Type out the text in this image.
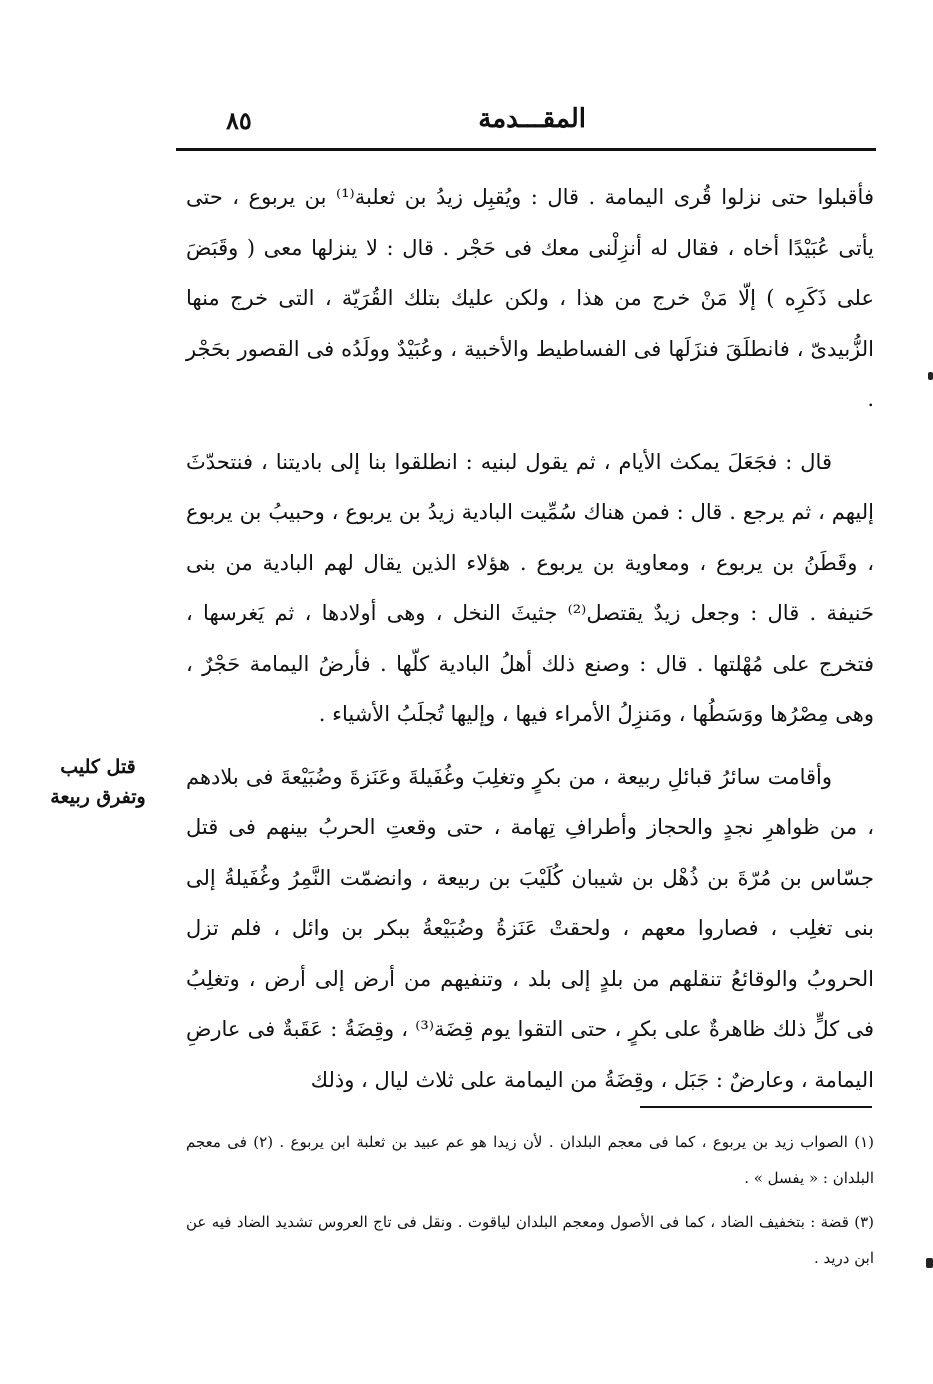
المقـــدمة
٨٥

فأقبلوا حتى نزلوا قُرى اليمامة . قال : ويُقبِل زيدُ بن ثعلبة⁽¹⁾ بن يربوع ، حتى يأتى عُبَيْدًا أخاه ، فقال له أنزِلْنى معك فى حَجْر . قال : لا ينزلها معى ( وقَبَضَ على ذَكَرِه ) إلّا مَنْ خرج من هذا ، ولكن عليك بتلك القُرَيّة ، التى خرج منها الزُّبيدىّ ، فانطلَقَ فنزَلَها فى الفساطيط والأخبية ، وعُبَيْدٌ وولَدُه فى القصور بحَجْر .

قال : فجَعَلَ يمكث الأيام ، ثم يقول لبنيه : انطلقوا بنا إلى باديتنا ، فنتحدّثَ إليهم ، ثم يرجع . قال : فمن هناك سُمِّيت البادية زيدُ بن يربوع ، وحبيبُ بن يربوع ، وقَطَنُ بن يربوع ، ومعاوية بن يربوع . هؤلاء الذين يقال لهم البادية من بنى حَنيفة . قال : وجعل زيدٌ يقتصل⁽²⁾ جثيثَ النخل ، وهى أولادها ، ثم يَغرسها ، فتخرج على مُهْلتها . قال : وصنع ذلك أهلُ البادية كلّها . فأرضُ اليمامة حَجْرٌ ، وهى مِصْرُها ووَسَطُها ، ومَنزِلُ الأمراء فيها ، وإليها تُجلَبُ الأشياء .

وأقامت سائرُ قبائلِ ربيعة ، من بكرٍ وتغلِبَ وغُفَيلةَ وعَنَزةَ وضُبَيْعةَ فى بلادهم ، من ظواهرِ نجدٍ والحجاز وأطرافِ تِهامة ، حتى وقعتِ الحربُ بينهم فى قتل جسّاس بن مُرّةَ بن ذُهْل بن شيبان كُلَيْبَ بن ربيعة ، وانضمّت النَّمِرُ وغُفَيلةُ إلى بنى تغلِب ، فصاروا معهم ، ولحقتْ عَنَزةُ وضُبَيْعةُ ببكر بن وائل ، فلم تزل الحروبُ والوقائعُ تنقلهم من بلدٍ إلى بلد ، وتنفيهم من أرض إلى أرض ، وتغلِبُ فى كلٍّ ذلك ظاهرةٌ على بكرٍ ، حتى التقوا يوم قِضَة⁽³⁾ ، وقِضَةُ : عَقَبةٌ فى عارضِ اليمامة ، وعارضٌ : جَبَل ، وقِضَةُ من اليمامة على ثلاث ليال ، وذلك

قتل كليب
وتفرق ربيعة

(١) الصواب زيد بن يربوع ، كما فى معجم البلدان . لأن زيدا هو عم عبيد بن ثعلبة ابن يربوع . (٢) فى معجم البلدان : « يفسل » .

(٣) قضة : بتخفيف الضاد ، كما فى الأصول ومعجم البلدان لياقوت . ونقل فى تاج العروس تشديد الضاد فيه عن ابن دريد .
